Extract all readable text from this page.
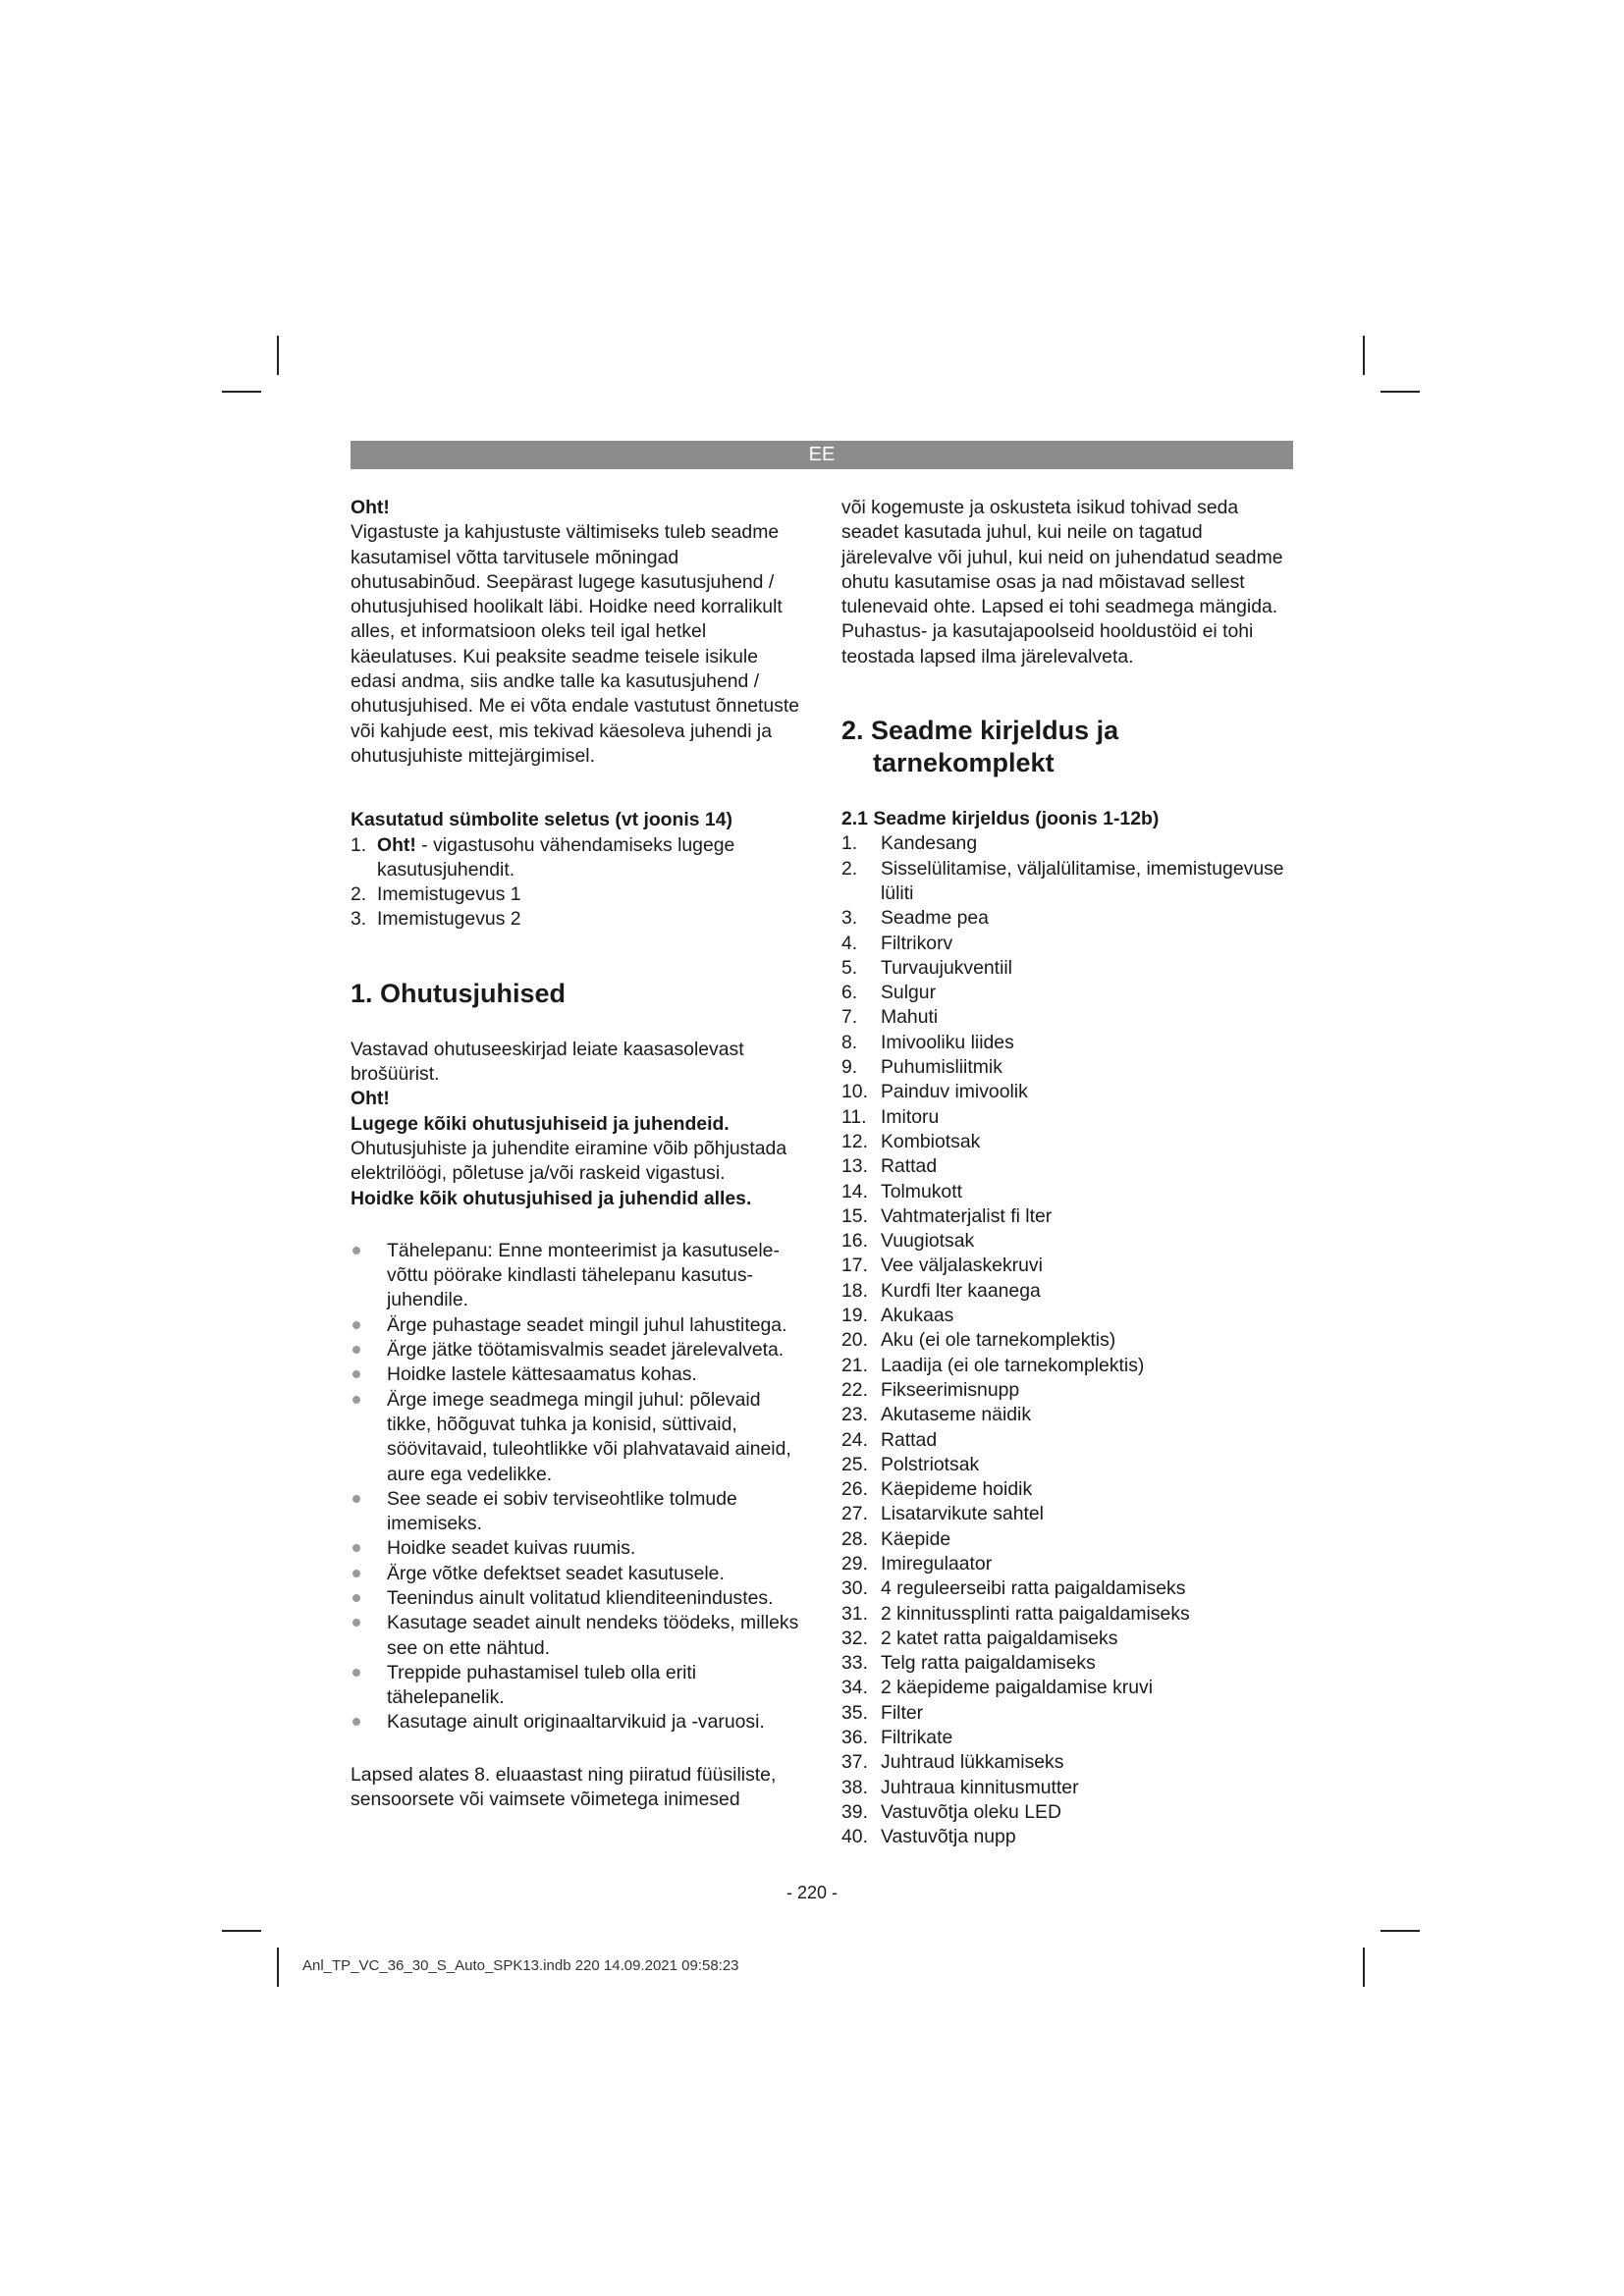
EE

Oht!

Vigastuste ja kahjustuste vältimiseks tuleb seadme kasutamisel võtta tarvitusele mõningad ohutusabinõud. Seepärast lugege kasutusjuhend / ohutusjuhised hoolikalt läbi. Hoidke need korralikult alles, et informatsioon oleks teil igal hetkel käeulatuses. Kui peaksite seadme teisele isikule edasi andma, siis andke talle ka kasutusjuhend / ohutusjuhised. Me ei võta endale vastutust õnnetuste või kahjude eest, mis tekivad käesoleva juhendi ja ohutusjuhiste mittejärgimisel.

Kasutatud sümbolite seletus (vt joonis 14)

1. Oht! - vigastusohu vähendamiseks lugege kasutusjuhendit.
2. Imemistugevus 1
3. Imemistugevus 2

1. Ohutusjuhised

Vastavad ohutuseeskirjad leiate kaasasolevast brošüürist.

Oht!

Lugege kõiki ohutusjuhiseid ja juhendeid.

Ohutusjuhiste ja juhendite eiramine võib põhjustada elektrilöögi, põletuse ja/või raskeid vigastusi.

Hoidke kõik ohutusjuhised ja juhendid alles.

Tähelepanu: Enne monteerimist ja kasutuselevõttu pöörake kindlasti tähelepanu kasutusjuhendile.
Ärge puhastage seadet mingil juhul lahustitega.
Ärge jätke töötamisvalmis seadet järelevalveta.
Hoidke lastele kättesaamatus kohas.
Ärge imege seadmega mingil juhul: põlevaid tikke, hõõguvat tuhka ja konisid, süttivaid, söövitavaid, tuleohtlikke või plahvatavaid aineid, aure ega vedelikke.
See seade ei sobiv terviseohtlike tolmude imemiseks.
Hoidke seadet kuivas ruumis.
Ärge võtke defektset seadet kasutusele.
Teenindus ainult volitatud klienditeenindustes.
Kasutage seadet ainult nendeks töödeks, milleks see on ette nähtud.
Treppide puhastamisel tuleb olla eriti tähelepanelik.
Kasutage ainult originaaltarvikuid ja -varuosi.

Lapsed alates 8. eluaastast ning piiratud füüsiliste, sensoorsete või vaimsete võimetega inimesed

või kogemuste ja oskusteta isikud tohivad seda seadet kasutada juhul, kui neile on tagatud järelevalve või juhul, kui neid on juhendatud seadme ohutu kasutamise osas ja nad mõistavad sellest tulenevaid ohte. Lapsed ei tohi seadmega mängida. Puhastus- ja kasutajapoolseid hooldustöid ei tohi teostada lapsed ilma järelevalveta.

2. Seadme kirjeldus ja
tarnekomplekt

2.1 Seadme kirjeldus (joonis 1-12b)

1. Kandesang
2. Sisselülitamise, väljalülitamise, imemistugevuse lüliti
3. Seadme pea
4. Filtrikorv
5. Turvaujukventiil
6. Sulgur
7. Mahuti
8. Imivooliku liides
9. Puhumisliitmik
10. Painduv imivoolik
11. Imitoru
12. Kombiotsak
13. Rattad
14. Tolmukott
15. Vahtmaterjalist fi lter
16. Vuugiotsak
17. Vee väljalaskekruvi
18. Kurdfi lter kaanega
19. Akukaas
20. Aku (ei ole tarnekomplektis)
21. Laadija (ei ole tarnekomplektis)
22. Fikseerimisnupp
23. Akutaseme näidik
24. Rattad
25. Polstriotsak
26. Käepideme hoidik
27. Lisatarvikute sahtel
28. Käepide
29. Imiregulaator
30. 4 reguleerseibi ratta paigaldamiseks
31. 2 kinnitussplinti ratta paigaldamiseks
32. 2 katet ratta paigaldamiseks
33. Telg ratta paigaldamiseks
34. 2 käepideme paigaldamise kruvi
35. Filter
36. Filtrikate
37. Juhtraud lükkamiseks
38. Juhtraua kinnitusmutter
39. Vastuvõtja oleku LED
40. Vastuvõtja nupp
- 220 -
Anl_TP_VC_36_30_S_Auto_SPK13.indb 220 14.09.2021 09:58:23
